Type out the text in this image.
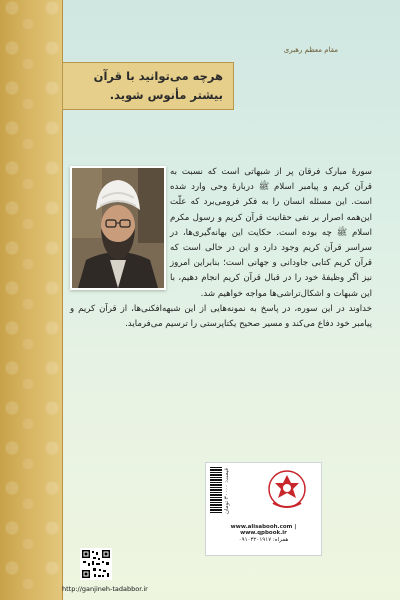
مقام معظم رهبری
هرچه می‌توانید با قرآن بیشتر مأنوس شوید.

سورهٔ مبارک فرقان پر از شبهاتی است که نسبت به قرآن کریم و پیامبر اسلام ﷺ دربارهٔ وحی وارد شده است. این مسئله انسان را به فکر فرومی‌برد که علّت این‌همه اصرار بر نفی حقانیت قرآن کریم و رسول مکرم اسلام ﷺ چه بوده است. حکایت این بهانه‌گیری‌ها، در سراسر قرآن کریم وجود دارد و این در حالی است که قرآن کریم کتابی جاودانی و جهانی است؛ بنابراین امروز نیز اگر وظیفهٔ خود را در قبال قرآن کریم انجام دهیم، با این شبهات و اشکال‌تراشی‌ها مواجه خواهیم شد.

خداوند در این سوره، در پاسخ به نمونه‌هایی از این شبهه‌افکنی‌ها، از قرآن کریم و پیامبر خود دفاع می‌کند و مسیر صحیح یکتاپرستی را ترسیم می‌فرماید.

قیمت: ۳۰۰۰۰ تومان
www.alisabooh.com | www.qpbook.ir
همراه: ۰۹۱۰۳۲۰۱۹۱۷
http://ganjineh-tadabbor.ir
